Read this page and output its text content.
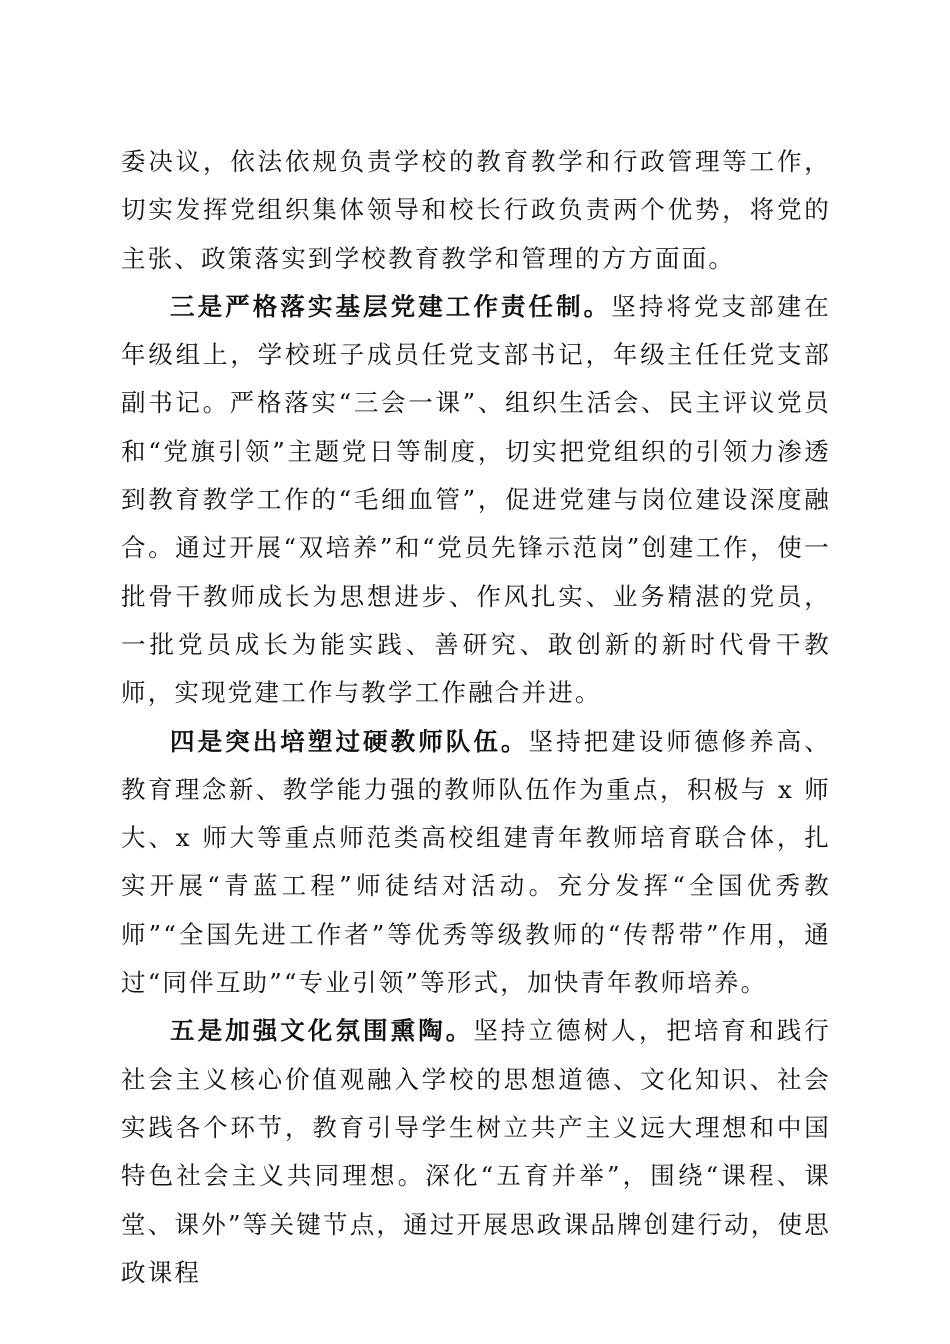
委决议，依法依规负责学校的教育教学和行政管理等工作，切实发挥党组织集体领导和校长行政负责两个优势，将党的主张、政策落实到学校教育教学和管理的方方面面。

三是严格落实基层党建工作责任制。坚持将党支部建在年级组上，学校班子成员任党支部书记，年级主任任党支部副书记。严格落实“三会一课”、组织生活会、民主评议党员和“党旗引领”主题党日等制度，切实把党组织的引领力渗透到教育教学工作的“毛细血管”，促进党建与岗位建设深度融合。通过开展“双培养”和“党员先锋示范岗”创建工作，使一批骨干教师成长为思想进步、作风扎实、业务精湛的党员，一批党员成长为能实践、善研究、敢创新的新时代骨干教师，实现党建工作与教学工作融合并进。

四是突出培塑过硬教师队伍。坚持把建设师德修养高、教育理念新、教学能力强的教师队伍作为重点，积极与 x 师大、x 师大等重点师范类高校组建青年教师培育联合体，扎实开展“青蓝工程”师徒结对活动。充分发挥“全国优秀教师”“全国先进工作者”等优秀等级教师的“传帮带”作用，通过“同伴互助”“专业引领”等形式，加快青年教师培养。

五是加强文化氛围熏陶。坚持立德树人，把培育和践行社会主义核心价值观融入学校的思想道德、文化知识、社会实践各个环节，教育引导学生树立共产主义远大理想和中国特色社会主义共同理想。深化“五育并举”，围绕“课程、课堂、课外”等关键节点，通过开展思政课品牌创建行动，使思政课程
